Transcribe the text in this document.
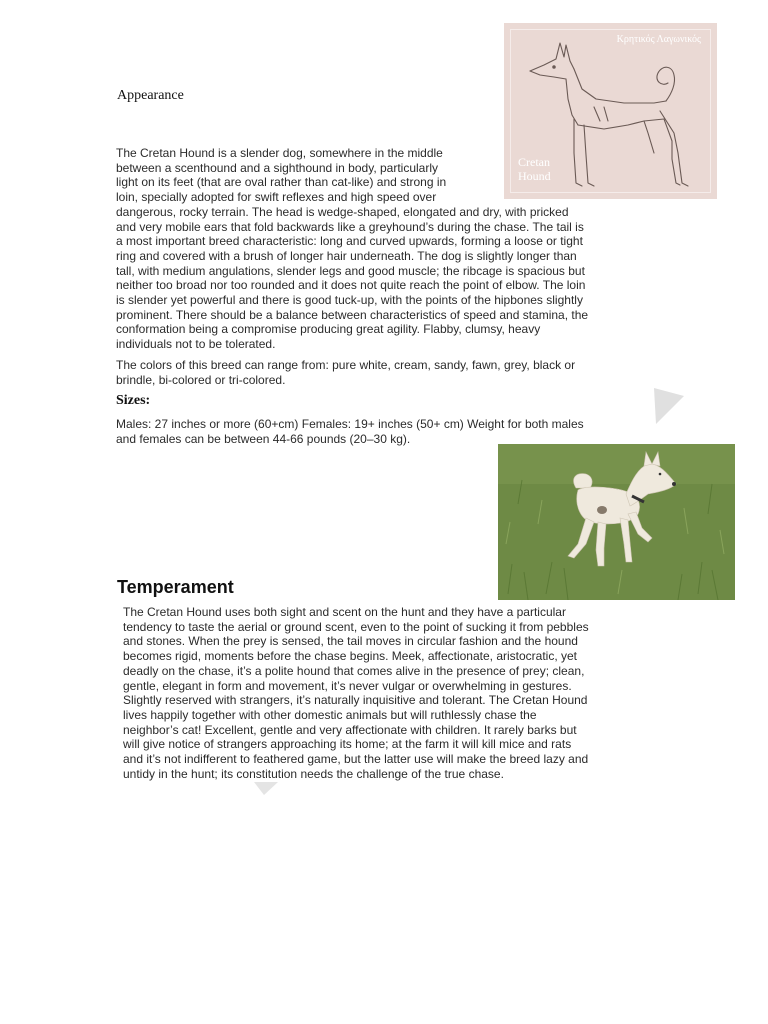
Κρητικός Λαγωνικός
Cretan
Hound
Appearance
The Cretan Hound is a slender dog, somewhere in the middle
between a scenthound and a sighthound in body, particularly
light on its feet (that are oval rather than cat-like) and strong in
loin, specially adopted for swift reflexes and high speed over
dangerous, rocky terrain. The head is wedge-shaped, elongated and dry, with pricked
and very mobile ears that fold backwards like a greyhound’s during the chase. The tail is
a most important breed characteristic: long and curved upwards, forming a loose or tight
ring and covered with a brush of longer hair underneath. The dog is slightly longer than
tall, with medium angulations, slender legs and good muscle; the ribcage is spacious but
neither too broad nor too rounded and it does not quite reach the point of elbow. The loin
is slender yet powerful and there is good tuck-up, with the points of the hipbones slightly
prominent. There should be a balance between characteristics of speed and stamina, the
conformation being a compromise producing great agility. Flabby, clumsy, heavy
individuals not to be tolerated.
The colors of this breed can range from: pure white, cream, sandy, fawn, grey, black or
brindle, bi-colored or tri-colored.
Sizes:
Males: 27 inches or more (60+cm) Females: 19+ inches (50+ cm) Weight for both males
and females can be between 44-66 pounds (20–30 kg).
Temperament
The Cretan Hound uses both sight and scent on the hunt and they have a particular
tendency to taste the aerial or ground scent, even to the point of sucking it from pebbles
and stones. When the prey is sensed, the tail moves in circular fashion and the hound
becomes rigid, moments before the chase begins. Meek, affectionate, aristocratic, yet
deadly on the chase, it’s a polite hound that comes alive in the presence of prey; clean,
gentle, elegant in form and movement, it’s never vulgar or overwhelming in gestures.
Slightly reserved with strangers, it’s naturally inquisitive and tolerant. The Cretan Hound
lives happily together with other domestic animals but will ruthlessly chase the
neighbor’s cat! Excellent, gentle and very affectionate with children. It rarely barks but
will give notice of strangers approaching its home; at the farm it will kill mice and rats
and it’s not indifferent to feathered game, but the latter use will make the breed lazy and
untidy in the hunt; its constitution needs the challenge of the true chase.
